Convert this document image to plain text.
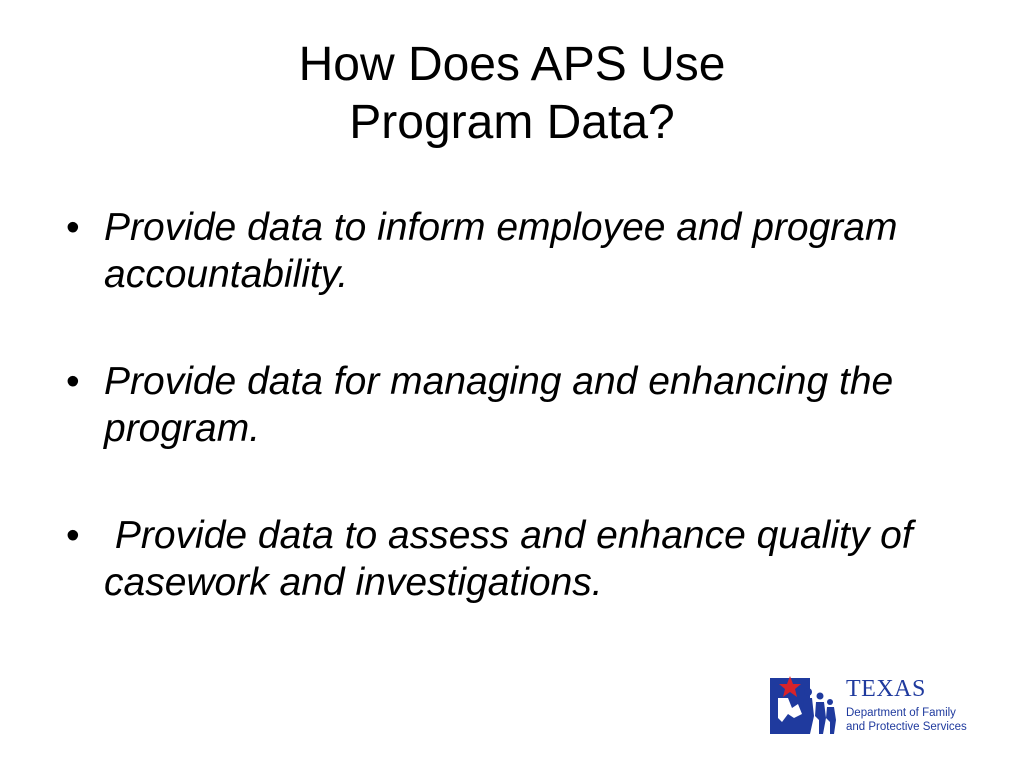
How Does APS Use
Program Data?
• Provide data to inform employee and program accountability.
• Provide data for managing and enhancing the program.
• Provide data to assess and enhance quality of casework and investigations.
TEXAS
Department of Family
and Protective Services
